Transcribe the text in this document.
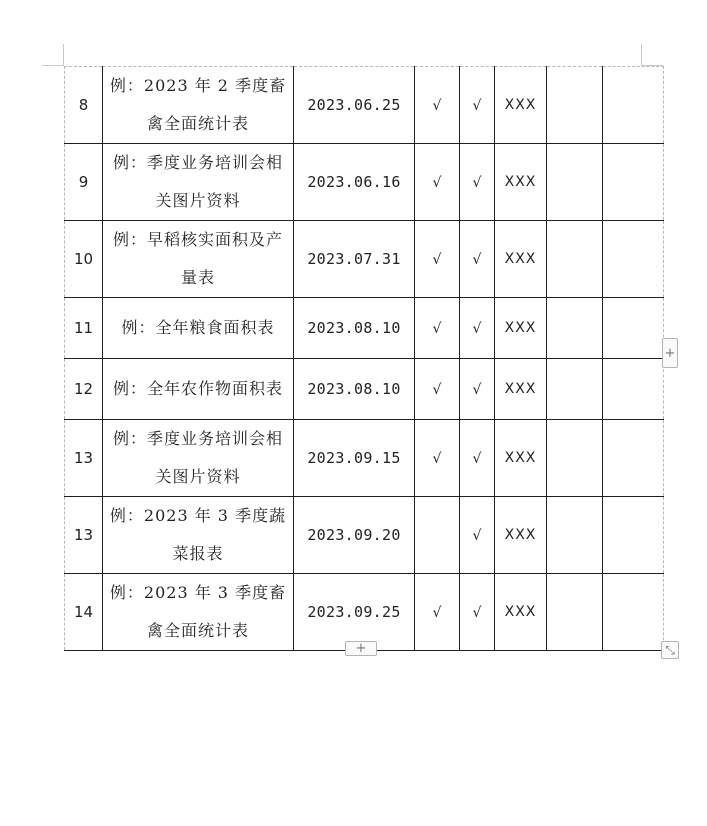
8	例：2023 年 2 季度畜禽全面统计表	2023.06.25	√	√	XXX		
9	例：季度业务培训会相关图片资料	2023.06.16	√	√	XXX		
10	例：早稻核实面积及产量表	2023.07.31	√	√	XXX		
11	例：全年粮食面积表	2023.08.10	√	√	XXX		
12	例：全年农作物面积表	2023.08.10	√	√	XXX		
13	例：季度业务培训会相关图片资料	2023.09.15	√	√	XXX		
13	例：2023 年 3 季度蔬菜报表	2023.09.20		√	XXX		
14	例：2023 年 3 季度畜禽全面统计表	2023.09.25	√	√	XXX		
+
+
⤡
